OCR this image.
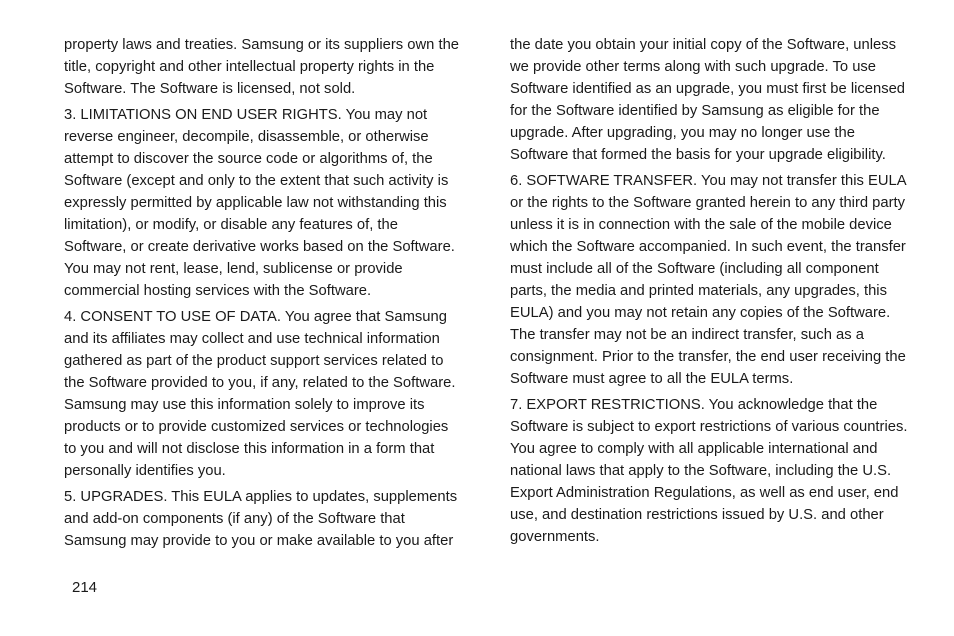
property laws and treaties. Samsung or its suppliers own the title, copyright and other intellectual property rights in the Software. The Software is licensed, not sold.

3. LIMITATIONS ON END USER RIGHTS. You may not reverse engineer, decompile, disassemble, or otherwise attempt to discover the source code or algorithms of, the Software (except and only to the extent that such activity is expressly permitted by applicable law not withstanding this limitation), or modify, or disable any features of, the Software, or create derivative works based on the Software. You may not rent, lease, lend, sublicense or provide commercial hosting services with the Software.

4. CONSENT TO USE OF DATA. You agree that Samsung and its affiliates may collect and use technical information gathered as part of the product support services related to the Software provided to you, if any, related to the Software. Samsung may use this information solely to improve its products or to provide customized services or technologies to you and will not disclose this information in a form that personally identifies you.

5. UPGRADES. This EULA applies to updates, supplements and add-on components (if any) of the Software that Samsung may provide to you or make available to you after

the date you obtain your initial copy of the Software, unless we provide other terms along with such upgrade. To use Software identified as an upgrade, you must first be licensed for the Software identified by Samsung as eligible for the upgrade. After upgrading, you may no longer use the Software that formed the basis for your upgrade eligibility.

6. SOFTWARE TRANSFER. You may not transfer this EULA or the rights to the Software granted herein to any third party unless it is in connection with the sale of the mobile device which the Software accompanied. In such event, the transfer must include all of the Software (including all component parts, the media and printed materials, any upgrades, this EULA) and you may not retain any copies of the Software. The transfer may not be an indirect transfer, such as a consignment. Prior to the transfer, the end user receiving the Software must agree to all the EULA terms.

7. EXPORT RESTRICTIONS. You acknowledge that the Software is subject to export restrictions of various countries. You agree to comply with all applicable international and national laws that apply to the Software, including the U.S. Export Administration Regulations, as well as end user, end use, and destination restrictions issued by U.S. and other governments.

214
